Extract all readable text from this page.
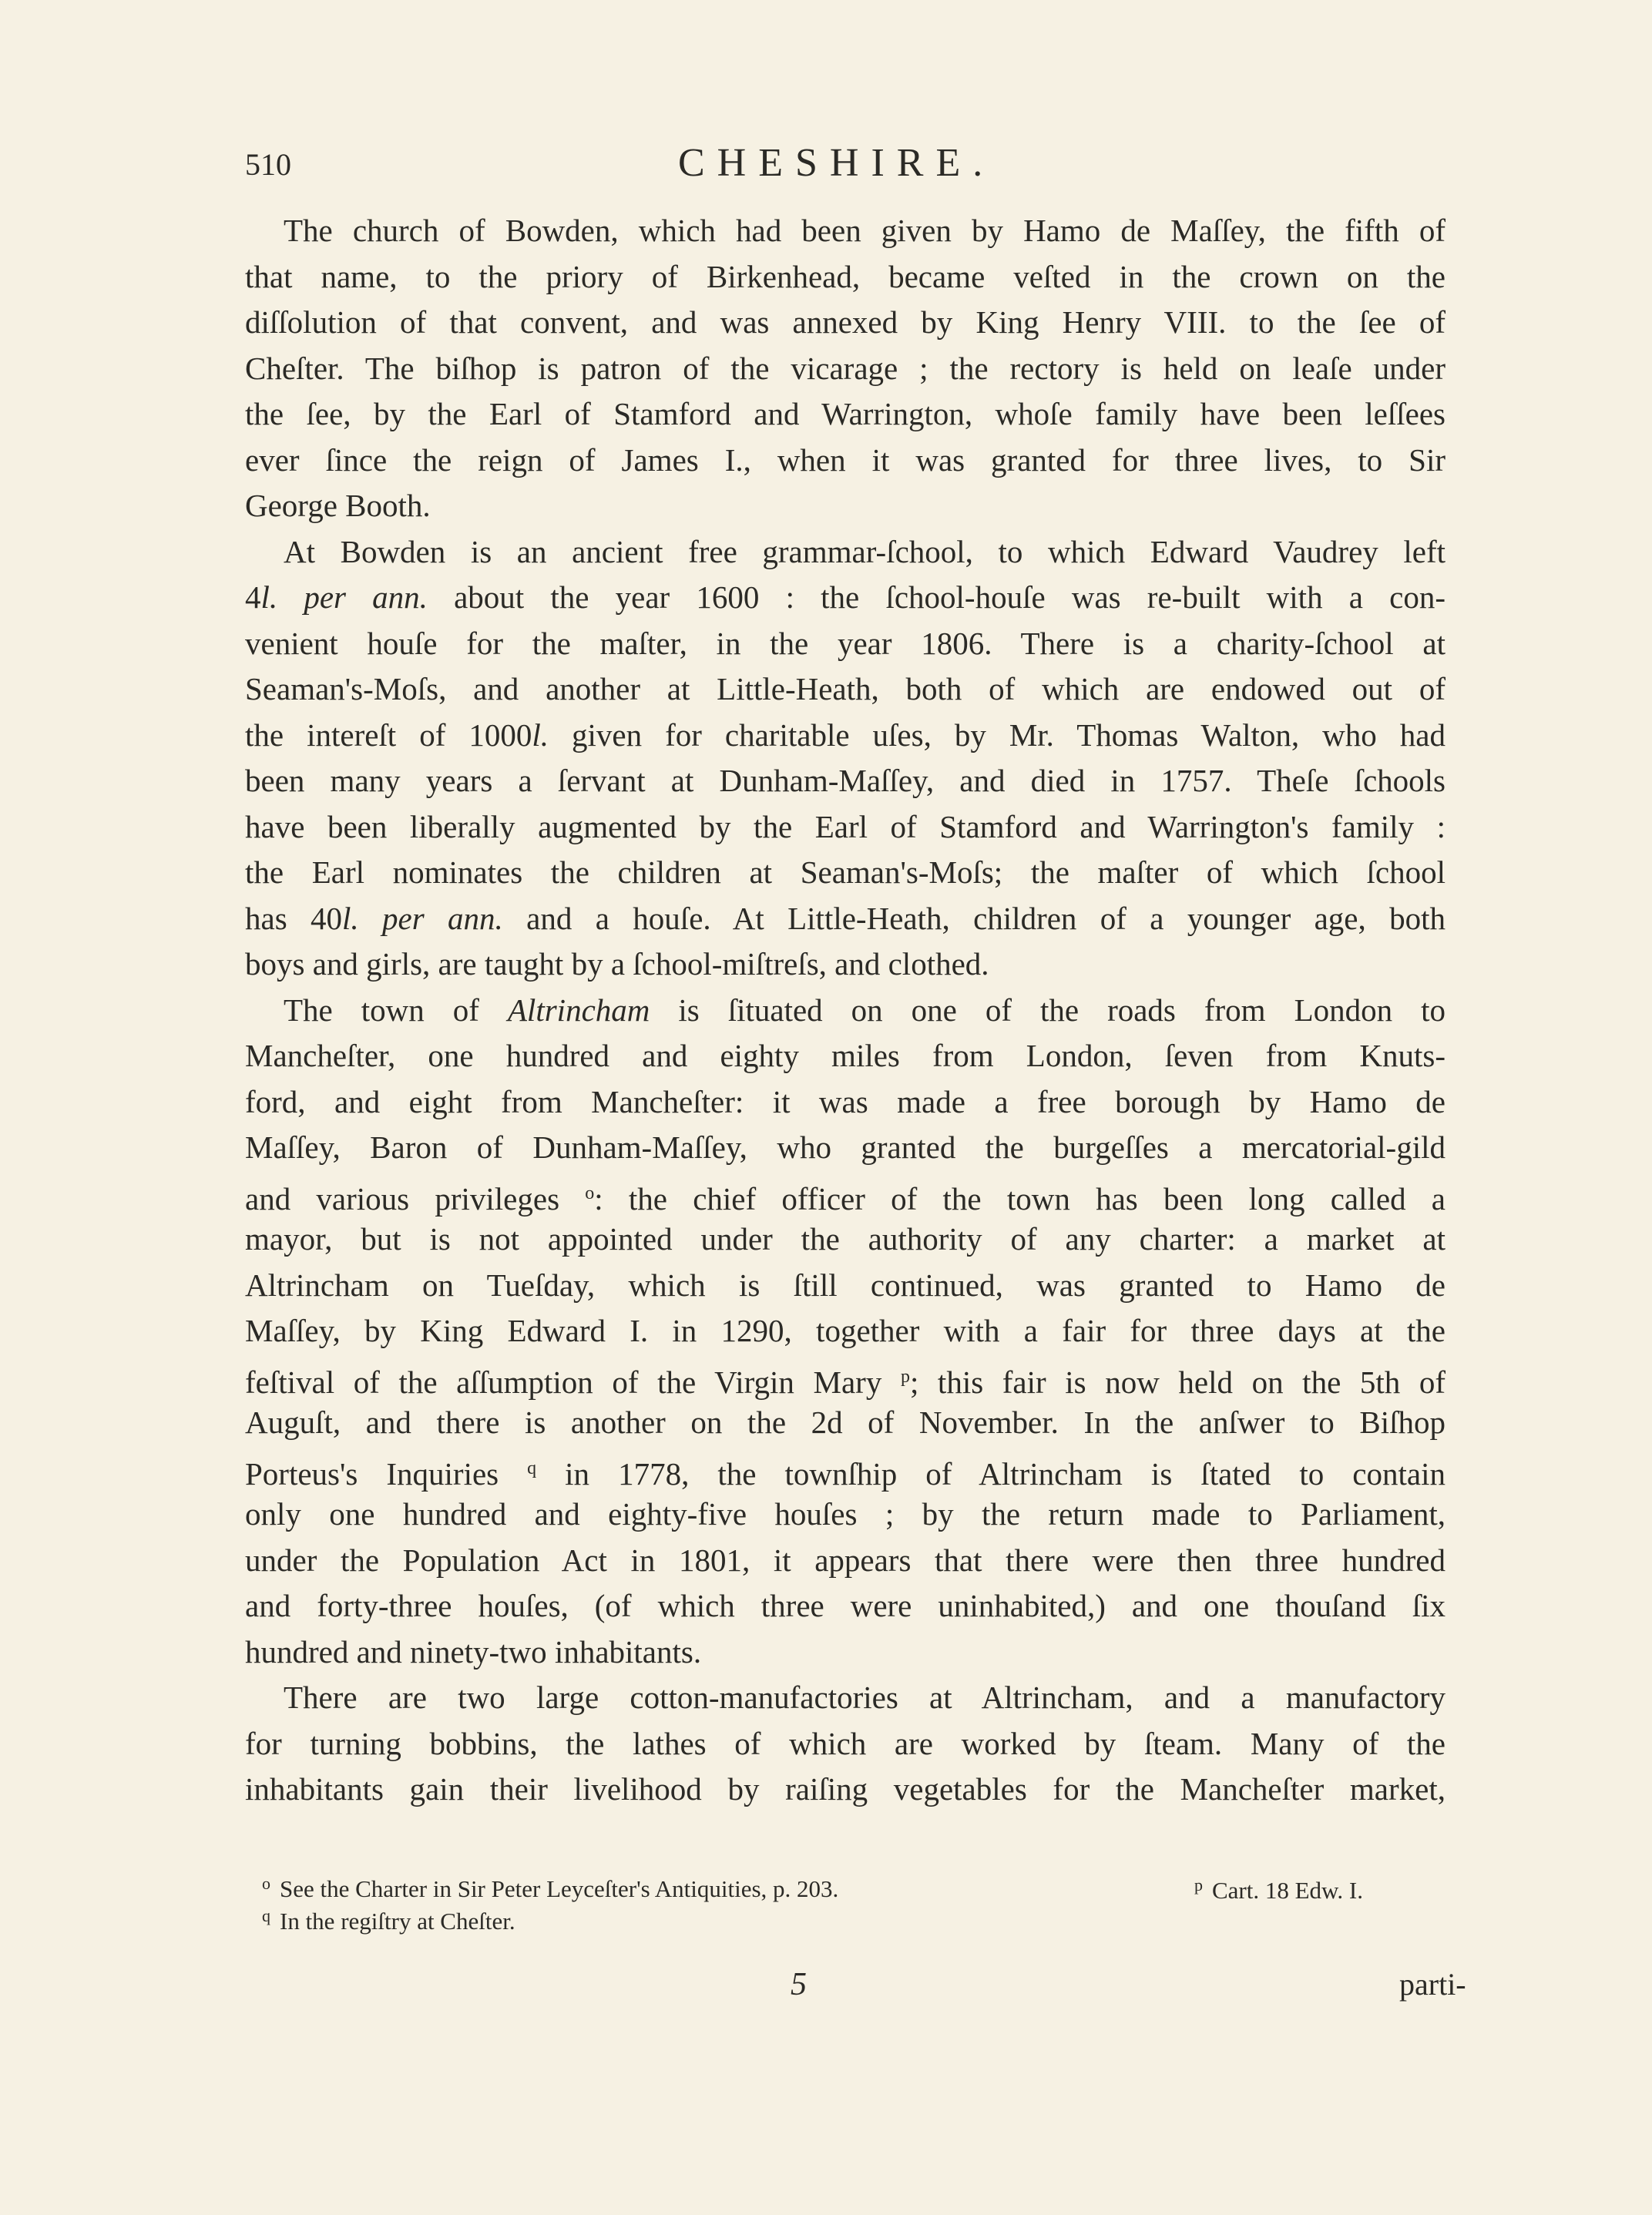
510	CHESHIRE.
The church of Bowden, which had been given by Hamo de Maſſey, the fifth of
that name, to the priory of Birkenhead, became veſted in the crown on the
diſſolution of that convent, and was annexed by King Henry VIII. to the ſee of
Cheſter. The biſhop is patron of the vicarage ; the rectory is held on leaſe under
the ſee, by the Earl of Stamford and Warrington, whoſe family have been leſſees
ever ſince the reign of James I., when it was granted for three lives, to Sir
George Booth.
At Bowden is an ancient free grammar-ſchool, to which Edward Vaudrey left
4l. per ann. about the year 1600 : the ſchool-houſe was re-built with a con-
venient houſe for the maſter, in the year 1806. There is a charity-ſchool at
Seaman's-Moſs, and another at Little-Heath, both of which are endowed out of
the intereſt of 1000l. given for charitable uſes, by Mr. Thomas Walton, who had
been many years a ſervant at Dunham-Maſſey, and died in 1757. Theſe ſchools
have been liberally augmented by the Earl of Stamford and Warrington's family :
the Earl nominates the children at Seaman's-Moſs; the maſter of which ſchool
has 40l. per ann. and a houſe. At Little-Heath, children of a younger age, both
boys and girls, are taught by a ſchool-miſtreſs, and clothed.
The town of Altrincham is ſituated on one of the roads from London to
Mancheſter, one hundred and eighty miles from London, ſeven from Knuts-
ford, and eight from Mancheſter: it was made a free borough by Hamo de
Maſſey, Baron of Dunham-Maſſey, who granted the burgeſſes a mercatorial-gild
and various privileges $^o$: the chief officer of the town has been long called a
mayor, but is not appointed under the authority of any charter: a market at
Altrincham on Tueſday, which is ſtill continued, was granted to Hamo de
Maſſey, by King Edward I. in 1290, together with a fair for three days at the
feſtival of the aſſumption of the Virgin Mary $^p$; this fair is now held on the 5th of
Auguſt, and there is another on the 2d of November. In the anſwer to Biſhop
Porteus's Inquiries $^q$ in 1778, the townſhip of Altrincham is ſtated to contain
only one hundred and eighty-five houſes ; by the return made to Parliament,
under the Population Act in 1801, it appears that there were then three hundred
and forty-three houſes, (of which three were uninhabited,) and one thouſand ſix
hundred and ninety-two inhabitants.
There are two large cotton-manufactories at Altrincham, and a manufactory
for turning bobbins, the lathes of which are worked by ſteam. Many of the
inhabitants gain their livelihood by raiſing vegetables for the Mancheſter market,
$^o$ See the Charter in Sir Peter Leyceſter's Antiquities, p. 203.	$^p$ Cart. 18 Edw. I.
$^q$ In the regiſtry at Cheſter.
5	parti-
